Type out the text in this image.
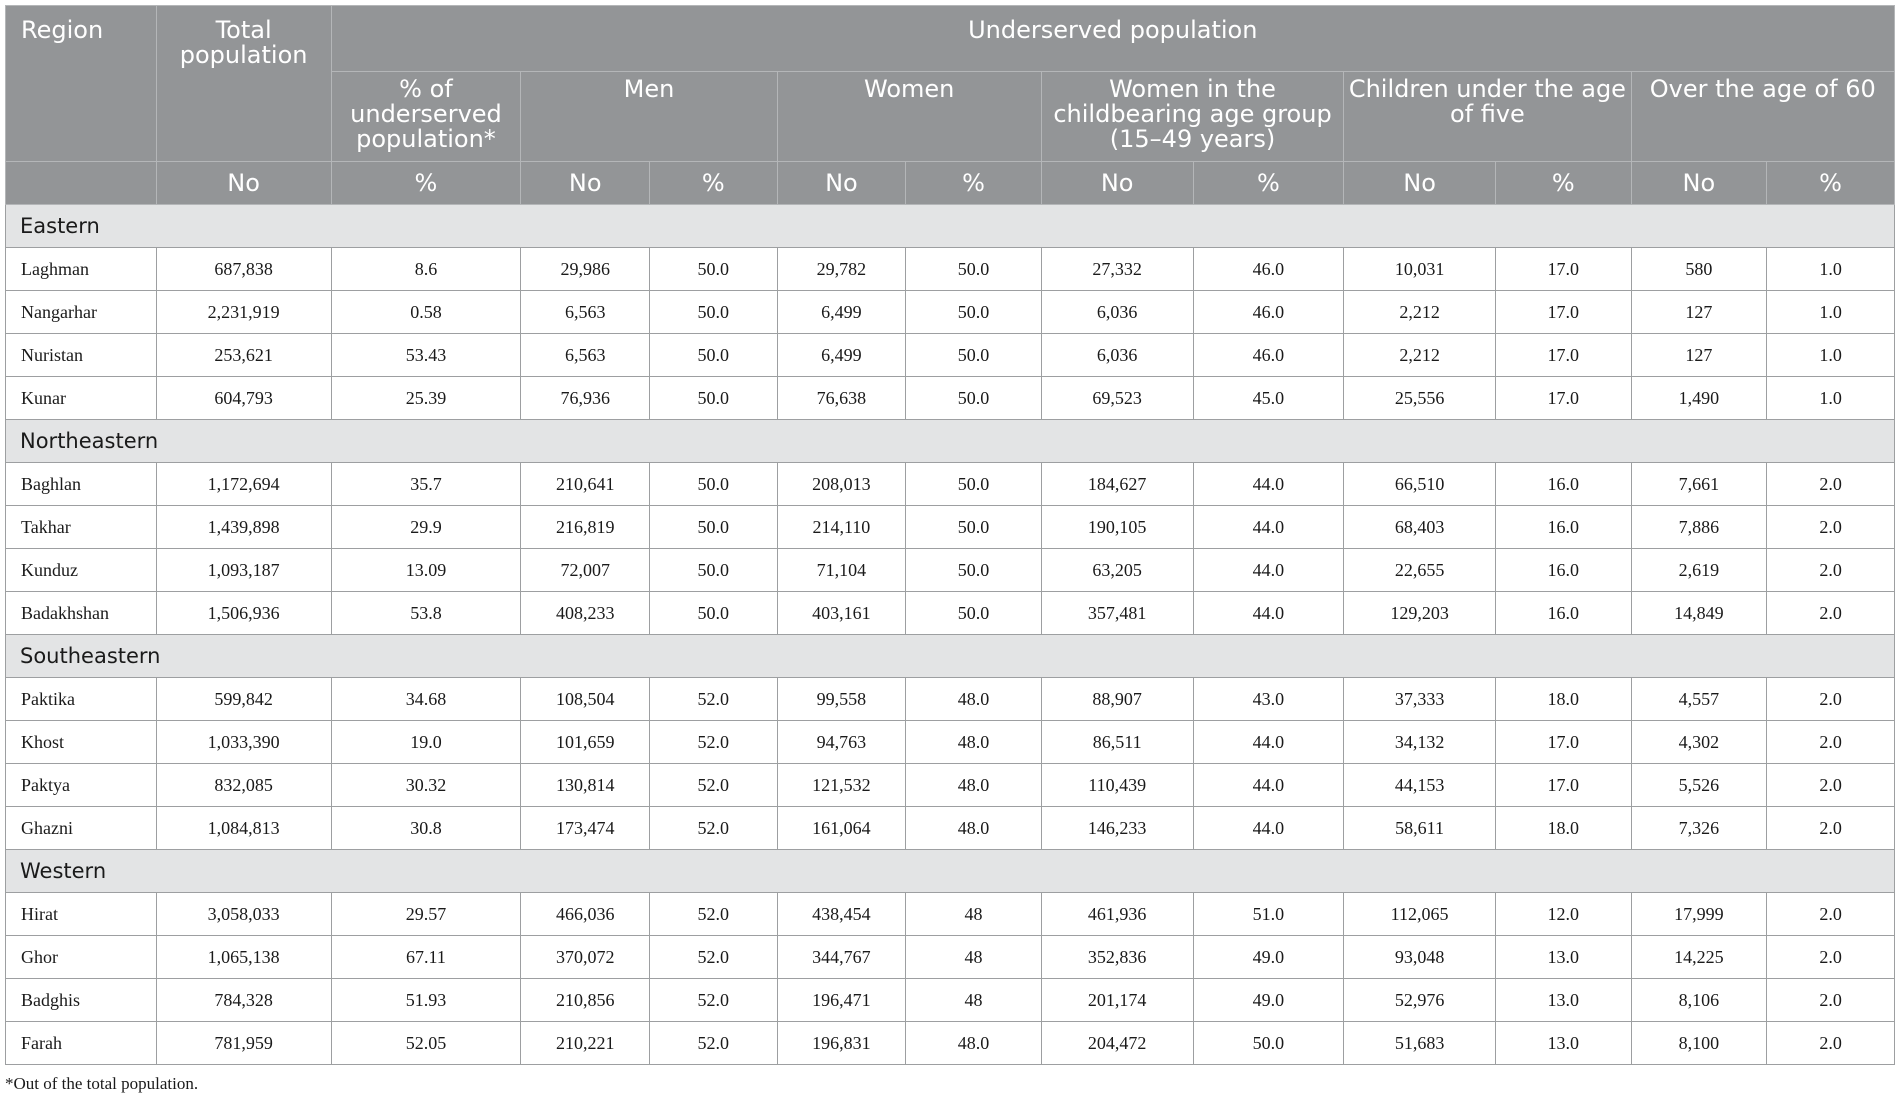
Region	Total population	Underserved population										
		% of underserved population*	Men		Women		Women in the childbearing age group (15–49 years)		Children under the age of five		Over the age of 60	
	No	%	No	%	No	%	No	%	No	%	No	%
Eastern												
Laghman	687,838	8.6	29,986	50.0	29,782	50.0	27,332	46.0	10,031	17.0	580	1.0
Nangarhar	2,231,919	0.58	6,563	50.0	6,499	50.0	6,036	46.0	2,212	17.0	127	1.0
Nuristan	253,621	53.43	6,563	50.0	6,499	50.0	6,036	46.0	2,212	17.0	127	1.0
Kunar	604,793	25.39	76,936	50.0	76,638	50.0	69,523	45.0	25,556	17.0	1,490	1.0
Northeastern												
Baghlan	1,172,694	35.7	210,641	50.0	208,013	50.0	184,627	44.0	66,510	16.0	7,661	2.0
Takhar	1,439,898	29.9	216,819	50.0	214,110	50.0	190,105	44.0	68,403	16.0	7,886	2.0
Kunduz	1,093,187	13.09	72,007	50.0	71,104	50.0	63,205	44.0	22,655	16.0	2,619	2.0
Badakhshan	1,506,936	53.8	408,233	50.0	403,161	50.0	357,481	44.0	129,203	16.0	14,849	2.0
Southeastern												
Paktika	599,842	34.68	108,504	52.0	99,558	48.0	88,907	43.0	37,333	18.0	4,557	2.0
Khost	1,033,390	19.0	101,659	52.0	94,763	48.0	86,511	44.0	34,132	17.0	4,302	2.0
Paktya	832,085	30.32	130,814	52.0	121,532	48.0	110,439	44.0	44,153	17.0	5,526	2.0
Ghazni	1,084,813	30.8	173,474	52.0	161,064	48.0	146,233	44.0	58,611	18.0	7,326	2.0
Western												
Hirat	3,058,033	29.57	466,036	52.0	438,454	48	461,936	51.0	112,065	12.0	17,999	2.0
Ghor	1,065,138	67.11	370,072	52.0	344,767	48	352,836	49.0	93,048	13.0	14,225	2.0
Badghis	784,328	51.93	210,856	52.0	196,471	48	201,174	49.0	52,976	13.0	8,106	2.0
Farah	781,959	52.05	210,221	52.0	196,831	48.0	204,472	50.0	51,683	13.0	8,100	2.0
*Out of the total population.
